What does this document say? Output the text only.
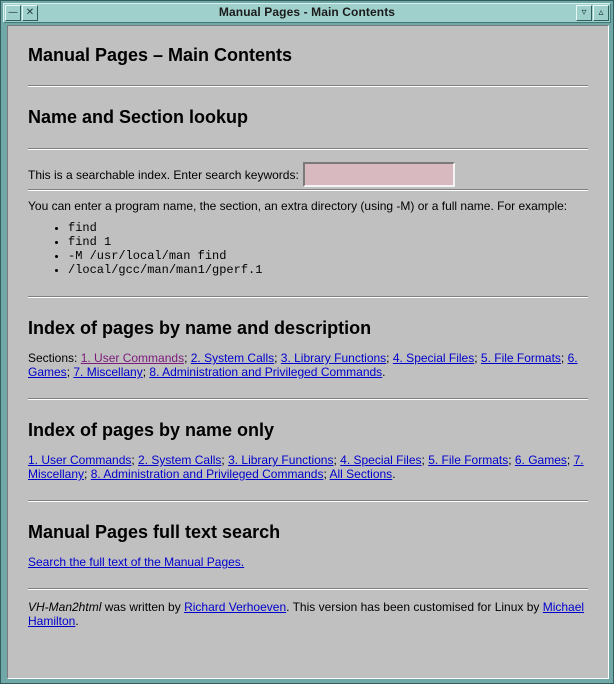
— ✕	Manual Pages - Main Contents	▿	▵
Manual Pages – Main Contents
Name and Section lookup
This is a searchable index. Enter search keywords:

You can enter a program name, the section, an extra directory (using -M) or a full name. For example:

• find
• find 1
• -M /usr/local/man find
• /local/gcc/man/man1/gperf.1
Index of pages by name and description
Sections: 1. User Commands; 2. System Calls; 3. Library Functions; 4. Special Files; 5. File Formats; 6. Games; 7. Miscellany; 8. Administration and Privileged Commands.
Index of pages by name only
1. User Commands; 2. System Calls; 3. Library Functions; 4. Special Files; 5. File Formats; 6. Games; 7. Miscellany; 8. Administration and Privileged Commands; All Sections.
Manual Pages full text search
Search the full text of the Manual Pages.
VH-Man2html was written by Richard Verhoeven. This version has been customised for Linux by Michael Hamilton.
